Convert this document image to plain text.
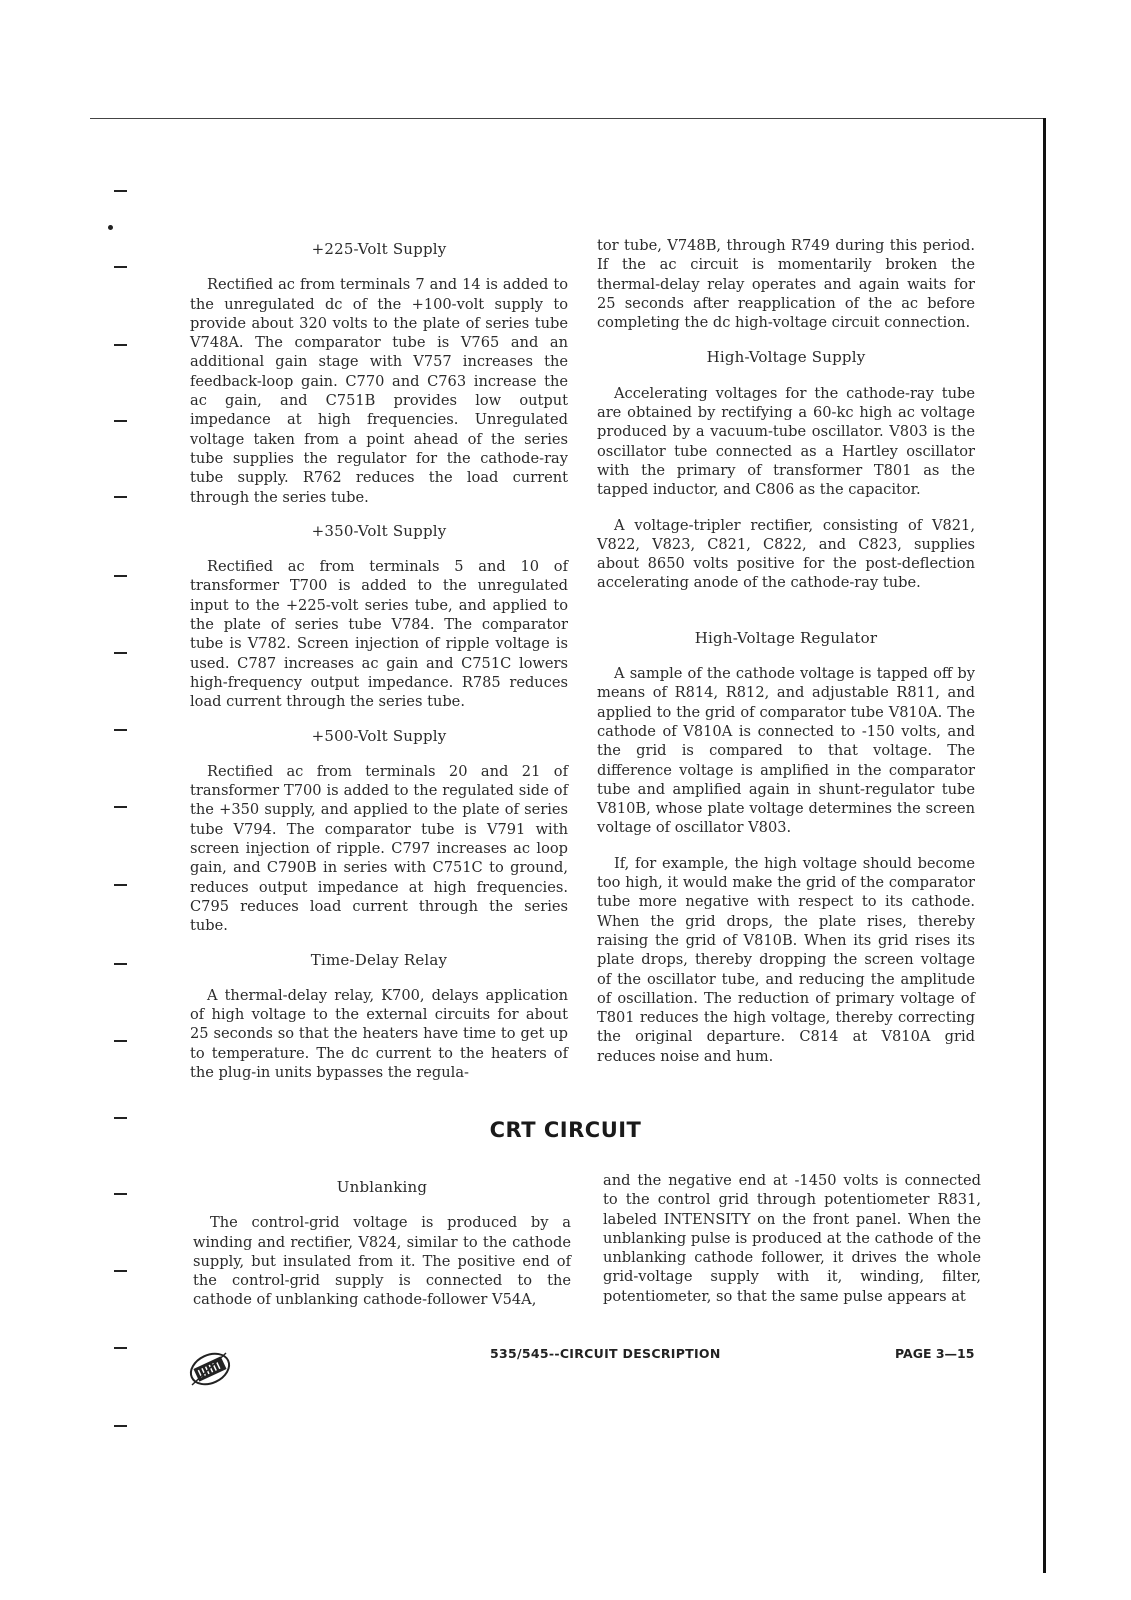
+225-Volt Supply

Rectified ac from terminals 7 and 14 is added to the unregulated dc of the +100-volt supply to provide about 320 volts to the plate of series tube V748A. The comparator tube is V765 and an additional gain stage with V757 increases the feedback-loop gain. C770 and C763 increase the ac gain, and C751B provides low output impedance at high frequencies. Unregulated voltage taken from a point ahead of the series tube supplies the regulator for the cathode-ray tube supply. R762 reduces the load current through the series tube.

+350-Volt Supply

Rectified ac from terminals 5 and 10 of transformer T700 is added to the unregulated input to the +225-volt series tube, and applied to the plate of series tube V784. The comparator tube is V782. Screen injection of ripple voltage is used. C787 increases ac gain and C751C lowers high-frequency output impedance. R785 reduces load current through the series tube.

+500-Volt Supply

Rectified ac from terminals 20 and 21 of transformer T700 is added to the regulated side of the +350 supply, and applied to the plate of series tube V794. The comparator tube is V791 with screen injection of ripple. C797 increases ac loop gain, and C790B in series with C751C to ground, reduces output impedance at high frequencies. C795 reduces load current through the series tube.

Time-Delay Relay

A thermal-delay relay, K700, delays application of high voltage to the external circuits for about 25 seconds so that the heaters have time to get up to temperature. The dc current to the heaters of the plug-in units bypasses the regula-

tor tube, V748B, through R749 during this period. If the ac circuit is momentarily broken the thermal-delay relay operates and again waits for 25 seconds after reapplication of the ac before completing the dc high-voltage circuit connection.

High-Voltage Supply

Accelerating voltages for the cathode-ray tube are obtained by rectifying a 60-kc high ac voltage produced by a vacuum-tube oscillator. V803 is the oscillator tube connected as a Hartley oscillator with the primary of transformer T801 as the tapped inductor, and C806 as the capacitor.

A voltage-tripler rectifier, consisting of V821, V822, V823, C821, C822, and C823, supplies about 8650 volts positive for the post-deflection accelerating anode of the cathode-ray tube.

High-Voltage Regulator

A sample of the cathode voltage is tapped off by means of R814, R812, and adjustable R811, and applied to the grid of comparator tube V810A. The cathode of V810A is connected to -150 volts, and the grid is compared to that voltage. The difference voltage is amplified in the comparator tube and amplified again in shunt-regulator tube V810B, whose plate voltage determines the screen voltage of oscillator V803.

If, for example, the high voltage should become too high, it would make the grid of the comparator tube more negative with respect to its cathode. When the grid drops, the plate rises, thereby raising the grid of V810B. When its grid rises its plate drops, thereby dropping the screen voltage of the oscillator tube, and reducing the amplitude of oscillation. The reduction of primary voltage of T801 reduces the high voltage, thereby correcting the original departure. C814 at V810A grid reduces noise and hum.

CRT CIRCUIT
Unblanking

The control-grid voltage is produced by a winding and rectifier, V824, similar to the cathode supply, but insulated from it. The positive end of the control-grid supply is connected to the cathode of unblanking cathode-follower V54A,

and the negative end at -1450 volts is connected to the control grid through potentiometer R831, labeled INTENSITY on the front panel. When the unblanking pulse is produced at the cathode of the unblanking cathode follower, it drives the whole grid-voltage supply with it, winding, filter, potentiometer, so that the same pulse appears at

535/545--CIRCUIT DESCRIPTION	PAGE 3—15
